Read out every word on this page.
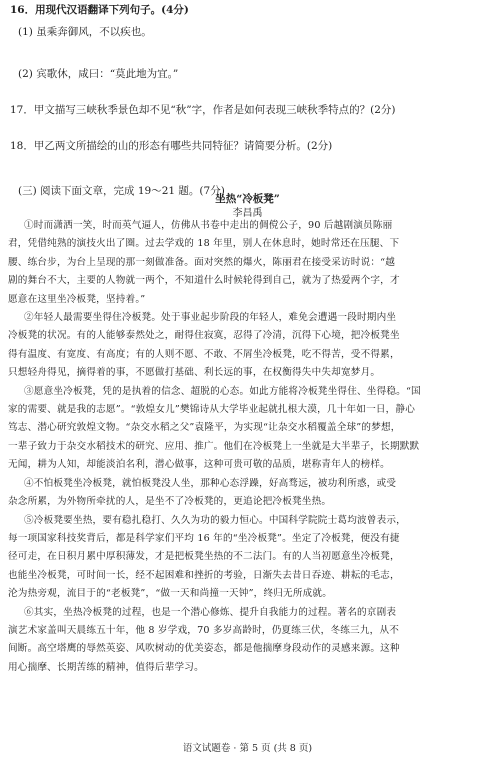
16．用现代汉语翻译下列句子。(4分)
(1) 虽乘奔御风，不以疾也。
(2) 宾歌休，咸曰：“莫此地为宜。”
17．甲文描写三峡秋季景色却不见“秋”字，作者是如何表现三峡秋季特点的？(2分)
18．甲乙两文所描绘的山的形态有哪些共同特征？请简要分析。(2分)
(三) 阅读下面文章，完成 19～21 题。(7分)
坐热“冷板凳”
李昌禹
①时而潇洒一笑，时而英气逼人，仿佛从书卷中走出的倜傥公子，90 后越剧演员陈丽
君，凭借纯熟的演技火出了圈。过去学戏的 18 年里，别人在休息时，她时常还在压腿、下
腰、练台步，为台上呈现的那一刻做准备。面对突然的爆火，陈丽君在接受采访时说：“越
剧的舞台不大，主要的人物就一两个，不知道什么时候轮得到自己，就为了热爱两个字，才
愿意在这里坐冷板凳，坚持着。”
②年轻人最需要坐得住冷板凳。处于事业起步阶段的年轻人，难免会遭遇一段时期内坐
冷板凳的状况。有的人能够泰然处之，耐得住寂寞，忍得了冷清，沉得下心境，把冷板凳坐
得有温度、有宽度、有高度；有的人则不愿、不敢、不屑坐冷板凳，吃不得苦，受不得累，
只想轻舟得见，摘得着的事，不愿做打基础、利长远的事，在权衡得失中失却宽梦月。
③愿意坐冷板凳，凭的是执着的信念、超脱的心态。如此方能将冷板凳坐得住、坐得稳。“国
家的需要、就是我的志愿”。“敦煌女儿”樊锦诗从大学毕业起就扎根大漠，几十年如一日，静心
笃志、潜心研究敦煌文物。“杂交水稻之父”袁隆平，为实现“让杂交水稻覆盖全球”的梦想，
一辈子致力于杂交水稻技术的研究、应用、推广。他们在冷板凳上一坐就是大半辈子，长期默默
无闻，耕为人知，却能淡泊名利，潜心做事，这种可贵可敬的品质，堪称青年人的榜样。
④不怕板凳坐冷板凳，就怕板凳没人坐，那种心态浮躁，好高骛远，被功利所惑，或受
杂念所累，为外物所牵扰的人，是坐不了冷板凳的，更追论把冷板凳坐热。
⑤冷板凳要坐热，要有稳扎稳打、久久为功的毅力恒心。中国科学院院士葛均波曾表示，
每一项国家科技奖背后，都是科学家们平均 16 年的“坐冷板凳”。坐定了冷板凳，便没有捷
径可走，在日积月累中厚积薄发，才是把板凳坐热的不二法门。有的人当初愿意坐冷板凳，
也能坐冷板凳，可时间一长，经不起困难和挫折的考验，日渐失去昔日吞迹、耕耘的毛志，
沦为热旁观，流目于的“老板凳”，“做一天和尚撞一天钟”，终归无所成就。
⑥其实，坐热冷板凳的过程，也是一个潜心修炼、提升自我能力的过程。著名的京剧表
演艺术家盖叫天晨练五十年，他 8 岁学戏，70 多岁高龄时，仍夏练三伏，冬练三九，从不
间断。高空塔鹰的辱然英姿、风吹树动的优美姿态，都是他揣摩身段动作的灵感来源。这种
用心揣摩、长期苦练的精神，值得后辈学习。
语文试题卷 · 第 5 页 (共 8 页)
